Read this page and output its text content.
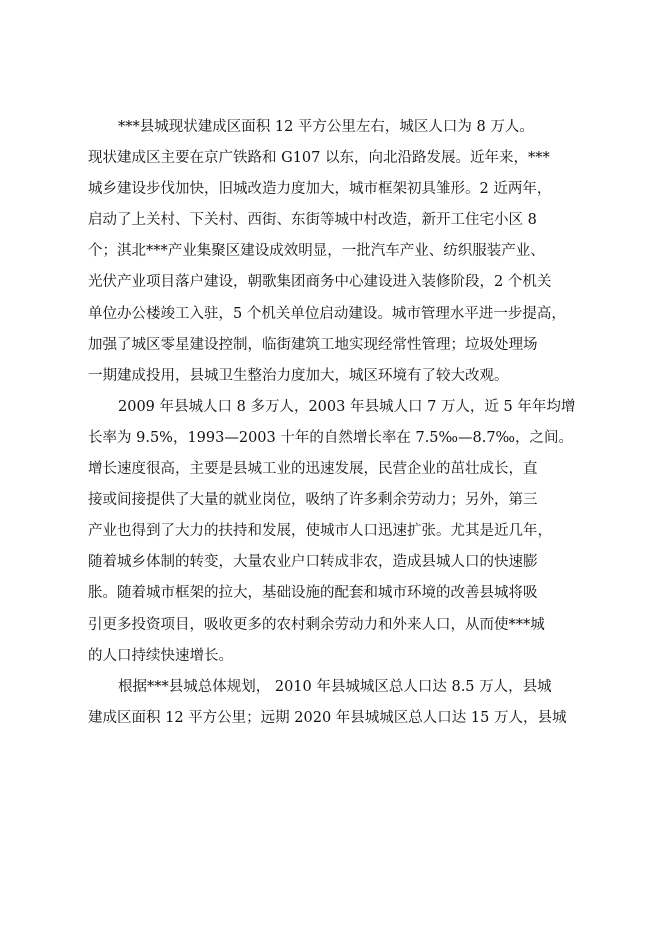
***县城现状建成区面积 12 平方公里左右，城区人口为 8 万人。
现状建成区主要在京广铁路和 G107 以东，向北沿路发展。近年来，***
城乡建设步伐加快，旧城改造力度加大，城市框架初具雏形。2 近两年，
启动了上关村、下关村、西街、东街等城中村改造，新开工住宅小区 8
个；淇北***产业集聚区建设成效明显，一批汽车产业、纺织服装产业、
光伏产业项目落户建设，朝歌集团商务中心建设进入装修阶段，2 个机关
单位办公楼竣工入驻，5 个机关单位启动建设。城市管理水平进一步提高，
加强了城区零星建设控制，临街建筑工地实现经常性管理；垃圾处理场
一期建成投用，县城卫生整治力度加大，城区环境有了较大改观。
2009 年县城人口 8 多万人，2003 年县城人口 7 万人，近 5 年年均增
长率为 9.5%，1993—2003 十年的自然增长率在 7.5‰—8.7‰，之间。
增长速度很高，主要是县城工业的迅速发展，民营企业的茁壮成长，直
接或间接提供了大量的就业岗位，吸纳了许多剩余劳动力；另外，第三
产业也得到了大力的扶持和发展，使城市人口迅速扩张。尤其是近几年，
随着城乡体制的转变，大量农业户口转成非农，造成县城人口的快速膨
胀。随着城市框架的拉大，基础设施的配套和城市环境的改善县城将吸
引更多投资项目，吸收更多的农村剩余劳动力和外来人口，从而使***城
的人口持续快速增长。
根据***县城总体规划， 2010 年县城城区总人口达 8.5 万人，县城
建成区面积 12 平方公里；远期 2020 年县城城区总人口达 15 万人，县城
